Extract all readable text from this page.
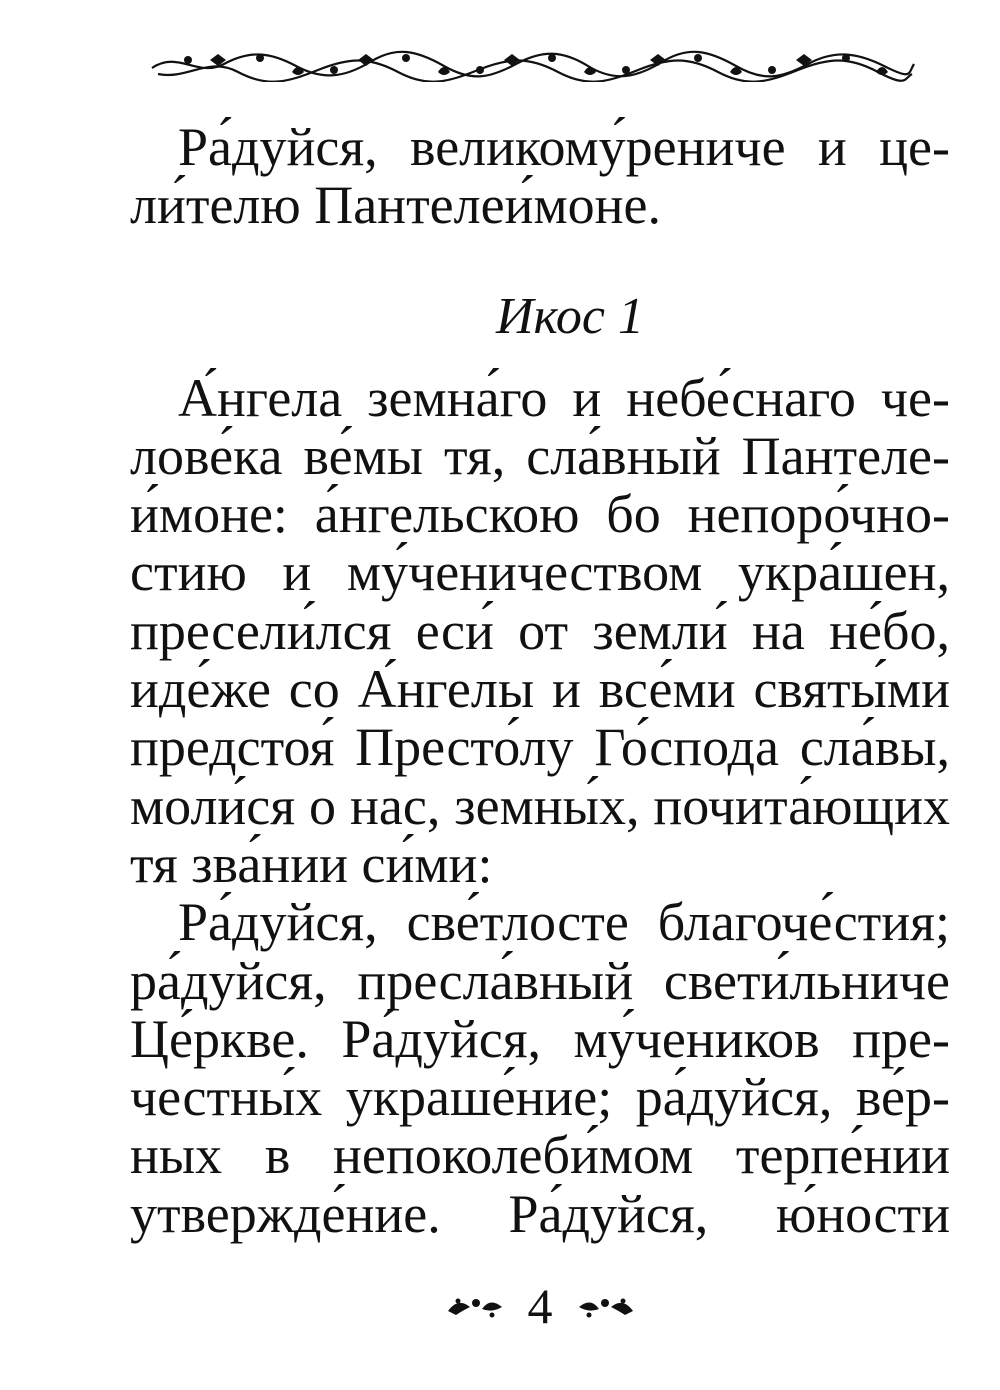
Ра́дуйся, великому́рениче и це-

ли́телю Пантелеи́моне.

Икос 1

А́нгела земна́го и небе́снаго че-

лове́ка ве́мы тя, сла́вный Пантеле-

и́моне: а́нгельскою бо непоро́чно-

стию и му́ченичеством укра́шен,

пресели́лся еси́ от земли́ на не́бо,

иде́же со А́нгелы и все́ми святы́ми

предстоя́ Престо́лу Го́спода сла́вы,

моли́ся о нас, земны́х, почита́ющих

тя зва́нии си́ми:

Ра́дуйся, све́тлосте благоче́стия;

ра́дуйся, пресла́вный свети́льниче

Це́ркве. Ра́дуйся, му́чеников пре-

честны́х украше́ние; ра́дуйся, ве́р-

ных в непоколеби́мом терпе́нии

утвержде́ние. Ра́дуйся, ю́ности

4
